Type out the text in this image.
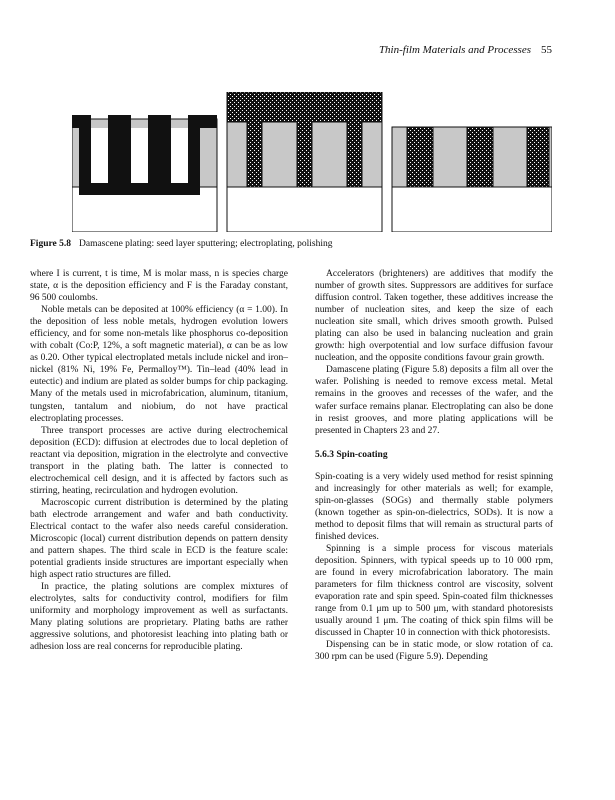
Thin-film Materials and Processes 55
Figure 5.8 Damascene plating: seed layer sputtering; electroplating, polishing

where I is current, t is time, M is molar mass, n is species charge state, α is the deposition efficiency and F is the Faraday constant, 96 500 coulombs.

Noble metals can be deposited at 100% efficiency (α = 1.00). In the deposition of less noble metals, hydrogen evolution lowers efficiency, and for some non-metals like phosphorus co-deposition with cobalt (Co:P, 12%, a soft magnetic material), α can be as low as 0.20. Other typical electroplated metals include nickel and iron–nickel (81% Ni, 19% Fe, Permalloy™). Tin–lead (40% lead in eutectic) and indium are plated as solder bumps for chip packaging. Many of the metals used in microfabrication, aluminum, titanium, tungsten, tantalum and niobium, do not have practical electroplating processes.

Three transport processes are active during electrochemical deposition (ECD): diffusion at electrodes due to local depletion of reactant via deposition, migration in the electrolyte and convective transport in the plating bath. The latter is connected to electrochemical cell design, and it is affected by factors such as stirring, heating, recirculation and hydrogen evolution.

Macroscopic current distribution is determined by the plating bath electrode arrangement and wafer and bath conductivity. Electrical contact to the wafer also needs careful consideration. Microscopic (local) current distribution depends on pattern density and pattern shapes. The third scale in ECD is the feature scale: potential gradients inside structures are important especially when high aspect ratio structures are filled.

In practice, the plating solutions are complex mixtures of electrolytes, salts for conductivity control, modifiers for film uniformity and morphology improvement as well as surfactants. Many plating solutions are proprietary. Plating baths are rather aggressive solutions, and photoresist leaching into plating bath or adhesion loss are real concerns for reproducible plating.

Accelerators (brighteners) are additives that modify the number of growth sites. Suppressors are additives for surface diffusion control. Taken together, these additives increase the number of nucleation sites, and keep the size of each nucleation site small, which drives smooth growth. Pulsed plating can also be used in balancing nucleation and grain growth: high overpotential and low surface diffusion favour nucleation, and the opposite conditions favour grain growth.

Damascene plating (Figure 5.8) deposits a film all over the wafer. Polishing is needed to remove excess metal. Metal remains in the grooves and recesses of the wafer, and the wafer surface remains planar. Electroplating can also be done in resist grooves, and more plating applications will be presented in Chapters 23 and 27.

5.6.3 Spin-coating

Spin-coating is a very widely used method for resist spinning and increasingly for other materials as well; for example, spin-on-glasses (SOGs) and thermally stable polymers (known together as spin-on-dielectrics, SODs). It is now a method to deposit films that will remain as structural parts of finished devices.

Spinning is a simple process for viscous materials deposition. Spinners, with typical speeds up to 10 000 rpm, are found in every microfabrication laboratory. The main parameters for film thickness control are viscosity, solvent evaporation rate and spin speed. Spin-coated film thicknesses range from 0.1 μm up to 500 μm, with standard photoresists usually around 1 μm. The coating of thick spin films will be discussed in Chapter 10 in connection with thick photoresists.

Dispensing can be in static mode, or slow rotation of ca. 300 rpm can be used (Figure 5.9). Depending
